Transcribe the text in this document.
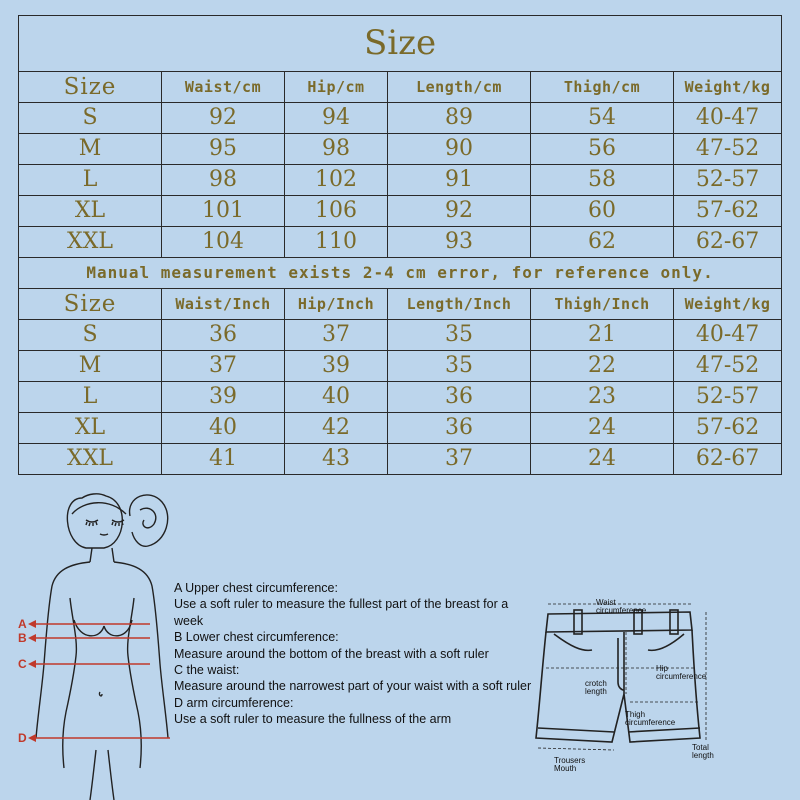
Size					
Size	Waist/cm	Hip/cm	Length/cm	Thigh/cm	Weight/kg
S	92	94	89	54	40-47
M	95	98	90	56	47-52
L	98	102	91	58	52-57
XL	101	106	92	60	57-62
XXL	104	110	93	62	62-67
Manual measurement exists 2-4 cm error, for reference only.					
Size	Waist/Inch	Hip/Inch	Length/Inch	Thigh/Inch	Weight/kg
S	36	37	35	21	40-47
M	37	39	35	22	47-52
L	39	40	36	23	52-57
XL	40	42	36	24	57-62
XXL	41	43	37	24	62-67
A
B
C
D
A Upper chest circumference:
Use a soft ruler to measure the fullest part of the breast for a week
B Lower chest circumference:
Measure around the bottom of the breast with a soft ruler
C the waist:
Measure around the narrowest part of your waist with a soft ruler
D arm circumference:
Use a soft ruler to measure the fullness of the arm
Waist
circumference
Hip
circumference
crotch
length
Thigh
circumference
Trousers
Mouth
Total
length
